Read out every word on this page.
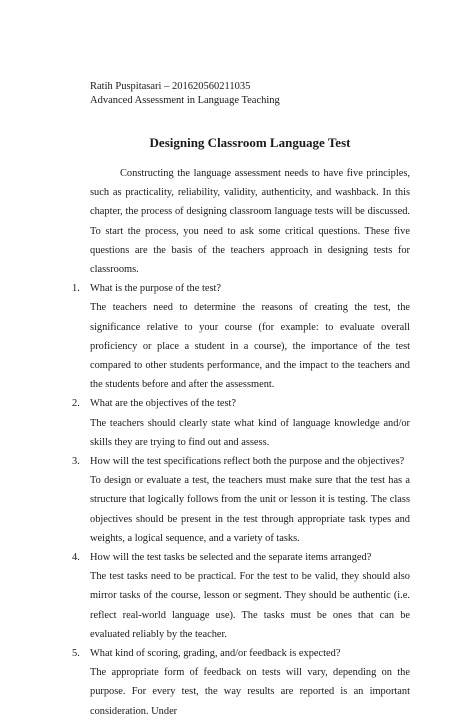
Ratih Puspitasari – 201620560211035

Advanced Assessment in Language Teaching

Designing Classroom Language Test

Constructing the language assessment needs to have five principles, such as practicality, reliability, validity, authenticity, and washback. In this chapter, the process of designing classroom language tests will be discussed. To start the process, you need to ask some critical questions. These five questions are the basis of the teachers approach in designing tests for classrooms.

1. What is the purpose of the test?

The teachers need to determine the reasons of creating the test, the significance relative to your course (for example: to evaluate overall proficiency or place a student in a course), the importance of the test compared to other students performance, and the impact to the teachers and the students before and after the assessment.

2. What are the objectives of the test?

The teachers should clearly state what kind of language knowledge and/or skills they are trying to find out and assess.

3. How will the test specifications reflect both the purpose and the objectives?

To design or evaluate a test, the teachers must make sure that the test has a structure that logically follows from the unit or lesson it is testing. The class objectives should be present in the test through appropriate task types and weights, a logical sequence, and a variety of tasks.

4. How will the test tasks be selected and the separate items arranged?

The test tasks need to be practical. For the test to be valid, they should also mirror tasks of the course, lesson or segment. They should be authentic (i.e. reflect real-world language use). The tasks must be ones that can be evaluated reliably by the teacher.

5. What kind of scoring, grading, and/or feedback is expected?

The appropriate form of feedback on tests will vary, depending on the purpose. For every test, the way results are reported is an important consideration. Under
